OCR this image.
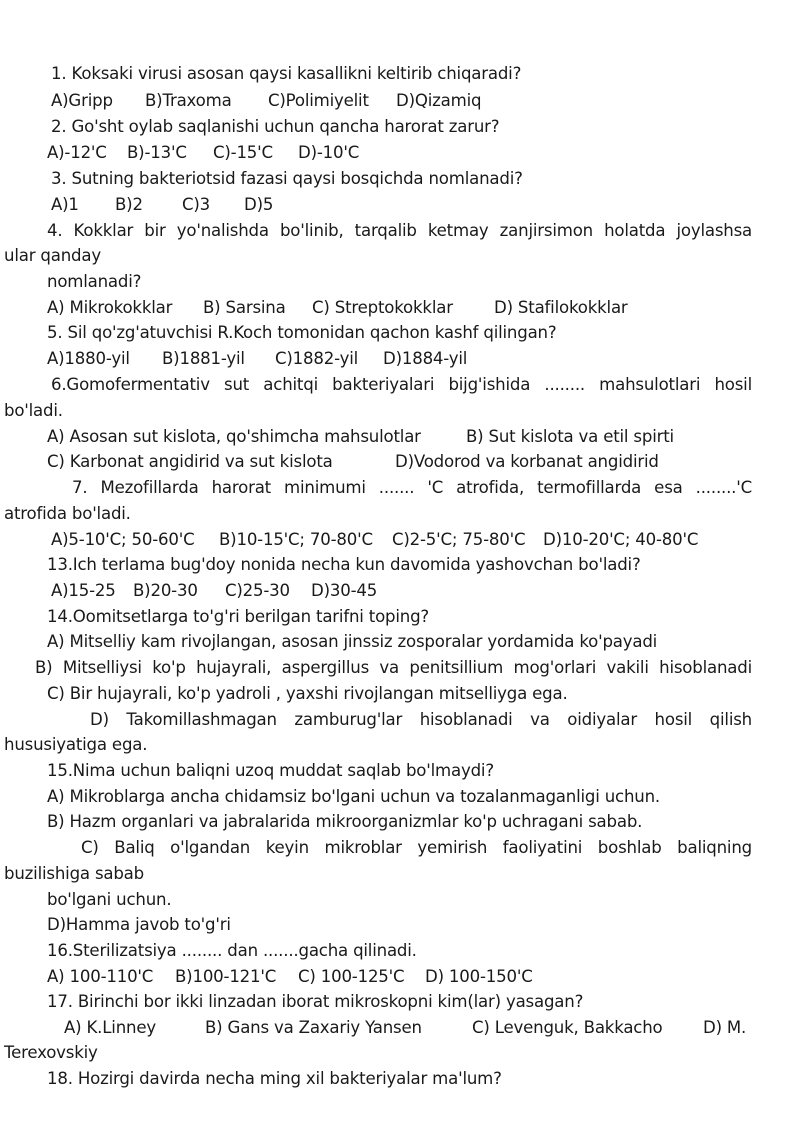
1. Koksaki virusi asosan qaysi kasallikni keltirib chiqaradi?
A)Gripp B)Traxoma C)Polimiyelit D)Qizamiq
2. Go'sht oylab saqlanishi uchun qancha harorat zarur?
A)-12'C B)-13'C C)-15'C D)-10'C
3. Sutning bakteriotsid fazasi qaysi bosqichda nomlanadi?
A)1 B)2 C)3 D)5
4. Kokklar bir yo'nalishda bo'linib, tarqalib ketmay zanjirsimon holatda joylashsa
ular qanday
nomlanadi?
A) Mikrokokklar B) Sarsina C) Streptokokklar D) Stafilokokklar
5. Sil qo'zg'atuvchisi R.Koch tomonidan qachon kashf qilingan?
A)1880-yil B)1881-yil C)1882-yil D)1884-yil
6.Gomofermentativ sut achitqi bakteriyalari bijg'ishida ........ mahsulotlari hosil
bo'ladi.
A) Asosan sut kislota, qo'shimcha mahsulotlar	B) Sut kislota va etil spirti
C) Karbonat angidirid va sut kislota	D)Vodorod va korbanat angidirid
7. Mezofillarda harorat minimumi ....... 'C atrofida, termofillarda esa ........'C
atrofida bo'ladi.
A)5-10'C; 50-60'C B)10-15'C; 70-80'C C)2-5'C; 75-80'C D)10-20'C; 40-80'C
13.Ich terlama bug'doy nonida necha kun davomida yashovchan bo'ladi?
A)15-25 B)20-30 C)25-30 D)30-45
14.Oomitsetlarga to'g'ri berilgan tarifni toping?
A) Mitselliy kam rivojlangan, asosan jinssiz zosporalar yordamida ko'payadi
B) Mitselliysi ko'p hujayrali, aspergillus va penitsillium mog'orlari vakili hisoblanadi
C) Bir hujayrali, ko'p yadroli , yaxshi rivojlangan mitselliyga ega.
D) Takomillashmagan zamburug'lar hisoblanadi va oidiyalar hosil qilish
hususiyatiga ega.
15.Nima uchun baliqni uzoq muddat saqlab bo'lmaydi?
A) Mikroblarga ancha chidamsiz bo'lgani uchun va tozalanmaganligi uchun.
B) Hazm organlari va jabralarida mikroorganizmlar ko'p uchragani sabab.
C) Baliq o'lgandan keyin mikroblar yemirish faoliyatini boshlab baliqning
buzilishiga sabab
bo'lgani uchun.
D)Hamma javob to'g'ri
16.Sterilizatsiya ........ dan .......gacha qilinadi.
A) 100-110'C B)100-121'C C) 100-125'C D) 100-150'C
17. Birinchi bor ikki linzadan iborat mikroskopni kim(lar) yasagan?
A) K.Linney	B) Gans va Zaxariy Yansen	C) Levenguk, Bakkacho D) M.
Terexovskiy
18. Hozirgi davirda necha ming xil bakteriyalar ma'lum?
